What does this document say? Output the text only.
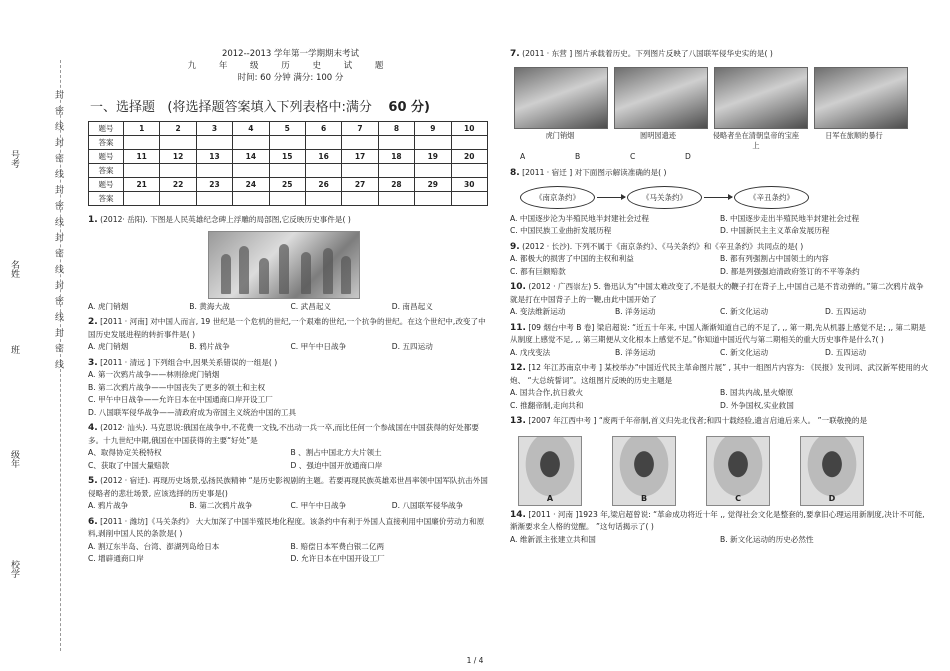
封 密 线 封 密 线 封 密 线 封 密 线 封 密 线 封 密 线
号考
名姓
班
级年
校学
2012--2013 学年第一学期期末考试
九 年 级 历 史 试 题
时间: 60 分钟 满分: 100 分
一、选择题 (将选择题答案填入下列表格中:满分 60 分)
题号	1	2	3	4	5	6	7	8	9	10
答案										
题号	11	12	13	14	15	16	17	18	19	20
答案										
题号	21	22	23	24	25	26	27	28	29	30
答案										

1. (2012· 岳阳). 下图是人民英雄纪念碑上浮雕的局部图,它反映历史事件是( )

A. 虎门销烟	B. 黄海大战	C. 武昌起义	D. 南昌起义

2. [2011 · 河南] 对中国人而言, 19 世纪是一个危机的世纪,一个艰难的世纪,一个抗争的世纪。在这个世纪中,改变了中国历史发展进程的转折事件是( )

A. 虎门销烟	B. 鸦片战争	C. 甲午中日战争	D. 五四运动

3. [2011 · 清远 ] 下列组合中,因果关系错误的一组是( )

A. 第一次鸦片战争——林则徐虎门销烟
B. 第二次鸦片战争——中国丧失了更多的领土和主权
C. 甲午中日战争——允许日本在中国通商口岸开设工厂
D. 八国联军侵华战争——清政府成为帝国主义统治中国的工具

4. (2012· 汕头). 马克思说:俄国在战争中,不花费一文钱,不出动一兵一卒,而比任何一个参战国在中国获得的好处都要多。十九世纪中期,俄国在中国获得的主要“好处”是

A、取得协定关税特权	B 、割占中国北方大片领土
C、获取了中国大量赔款	D 、强迫中国开放通商口岸

5. (2012 · 宿迁). 再现历史场景,弘扬民族精神 “是历史影视剧的主题。若要再现民族英雄邓世昌率领中国军队抗击外国侵略者的悲壮场景, 应该选择的历史事是()

A. 鸦片战争	B. 第二次鸦片战争	C. 甲午中日战争	D. 八国联军侵华战争

6. [2011 · 潍坊]《马关条约》 大大加深了中国半殖民地化程度。该条约中有利于外国人直接利用中国廉价劳动力和原料,剥削中国人民的条款是( )

A. 割辽东半岛、台湾、澎湖列岛给日本	B. 赔偿日本军费白银二亿两
C. 增辟通商口岸	D. 允许日本在中国开设工厂

7. (2011 · 东营 ] 图片承载着历史。下列图片反映了八国联军侵华史实的是( )

虎门销烟	圆明园遗迹	侵略者坐在清朝皇帝的宝座上
日军在旅顺的暴行
A	B	C	D

8. [2011 · 宿迁 ] 对下面图示解读准确的是( )

《南京条约》	《马关条约》	《辛丑条约》
A. 中国逐步沦为半殖民地半封建社会过程	B. 中国逐步走出半殖民地半封建社会过程
C. 中国民族工业曲折发展历程	D. 中国新民主主义革命发展历程

9. (2012 · 长沙). 下列不属于《南京条约》、《马关条约》和《辛丑条约》共同点的是( )

A. 都极大的损害了中国的主权和利益	B. 都有列强割占中国领土的内容
C. 都有巨额赔款	D. 都是列强强迫清政府签订的不平等条约

10. (2012 · 广西崇左) 5. 鲁迅认为“中国太难改变了,不是很大的鞭子打在背子上,中国自己是不肯动弹的。”第二次鸦片战争就是打在中国背子上的一鞭,由此中国开始了

A. 变法维新运动	B. 洋务运动	C. 新文化运动	D. 五四运动

11. [09 烟台中考 B 卷] 梁启超说: “近五十年来, 中国人渐渐知道自己的不足了, ,, 第一期,先从机器上感觉不足; ,, 第二期是从制度上感觉不足, ,, 第三期便从文化根本上感觉不足。”你知道中国近代与第二期相关的重大历史事件是什么?( )

A. 戊戌变法	B. 洋务运动	C. 新文化运动	D. 五四运动

12. [12 年江苏南京中考 ] 某校举办“中国近代民主革命图片展” , 其中一组图片内容为: 《民报》发刊词、武汉新军使用的火炮、 “大总统誓词”。这组图片反映的历史主题是

A. 国共合作,抗日救火	B. 国共内战,星火燎原
C. 推翻帝制,走向共和	D. 外争国权,实业救国

13. [2007 年江西中考 ] “废两千年帝制,首义归先北伐者;和四十载经验,遗言启迪后来人。 ”一联敬挽的是

A	B	C	D

14. [2011 · 河南 ]1923 年,梁启超曾说: “革命成功将近十年 ,, 觉得社会文化是整套的,要拿旧心理运用新制度,决计不可能,渐渐要求全人格的觉醒。 ”这句话揭示了( )

A. 维新派主张建立共和国	B. 新文化运动的历史必然性
1 / 4
